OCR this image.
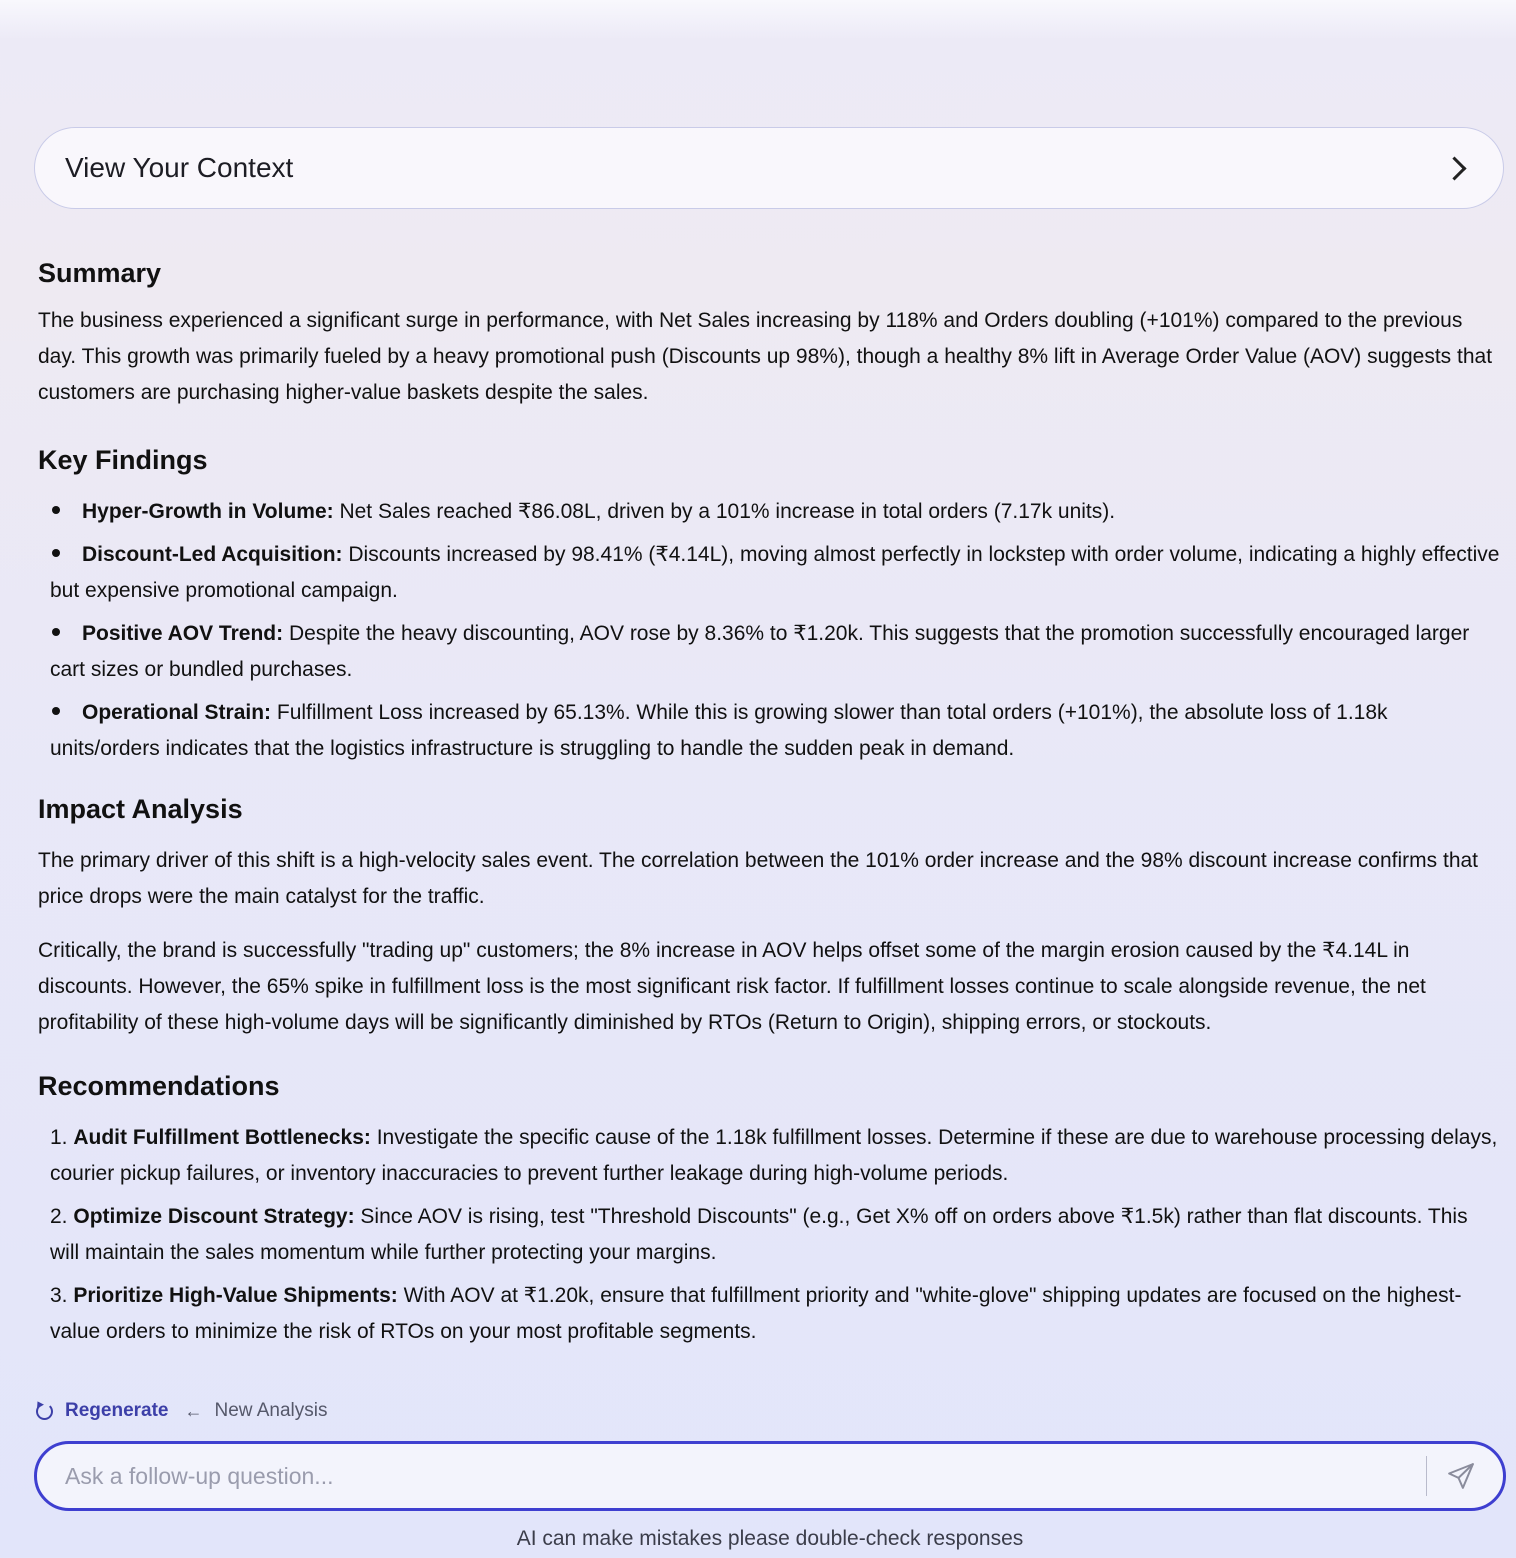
View Your Context
Summary

The business experienced a significant surge in performance, with Net Sales increasing by 118% and Orders doubling (+101%) compared to the previous day. This growth was primarily fueled by a heavy promotional push (Discounts up 98%), though a healthy 8% lift in Average Order Value (AOV) suggests that customers are purchasing higher-value baskets despite the sales.

Key Findings
Hyper-Growth in Volume: Net Sales reached ₹86.08L, driven by a 101% increase in total orders (7.17k units).
Discount-Led Acquisition: Discounts increased by 98.41% (₹4.14L), moving almost perfectly in lockstep with order volume, indicating a highly effective but expensive promotional campaign.
Positive AOV Trend: Despite the heavy discounting, AOV rose by 8.36% to ₹1.20k. This suggests that the promotion successfully encouraged larger cart sizes or bundled purchases.
Operational Strain: Fulfillment Loss increased by 65.13%. While this is growing slower than total orders (+101%), the absolute loss of 1.18k units/orders indicates that the logistics infrastructure is struggling to handle the sudden peak in demand.
Impact Analysis

The primary driver of this shift is a high-velocity sales event. The correlation between the 101% order increase and the 98% discount increase confirms that price drops were the main catalyst for the traffic.

Critically, the brand is successfully "trading up" customers; the 8% increase in AOV helps offset some of the margin erosion caused by the ₹4.14L in discounts. However, the 65% spike in fulfillment loss is the most significant risk factor. If fulfillment losses continue to scale alongside revenue, the net profitability of these high-volume days will be significantly diminished by RTOs (Return to Origin), shipping errors, or stockouts.

Recommendations
1. Audit Fulfillment Bottlenecks: Investigate the specific cause of the 1.18k fulfillment losses. Determine if these are due to warehouse processing delays, courier pickup failures, or inventory inaccuracies to prevent further leakage during high-volume periods.
2. Optimize Discount Strategy: Since AOV is rising, test "Threshold Discounts" (e.g., Get X% off on orders above ₹1.5k) rather than flat discounts. This will maintain the sales momentum while further protecting your margins.
3. Prioritize High-Value Shipments: With AOV at ₹1.20k, ensure that fulfillment priority and "white-glove" shipping updates are focused on the highest-value orders to minimize the risk of RTOs on your most profitable segments.
Regenerate ← New Analysis
Ask a follow-up question...
AI can make mistakes please double-check responses
